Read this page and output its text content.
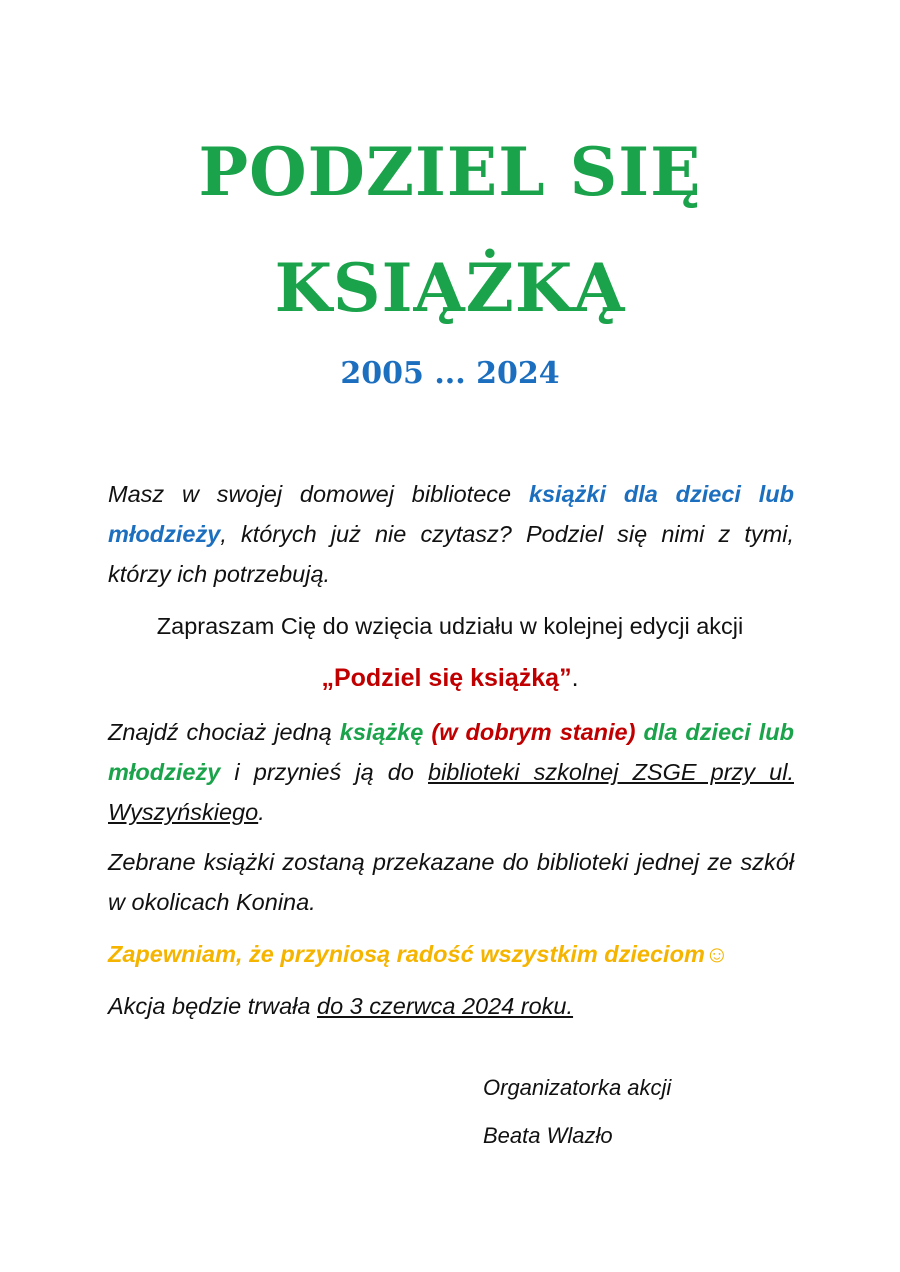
PODZIEL SIĘ
KSIĄŻKĄ
2005 ... 2024
Masz w swojej domowej bibliotece książki dla dzieci lub młodzieży, których już nie czytasz? Podziel się nimi z tymi, którzy ich potrzebują.
Zapraszam Cię do wzięcia udziału w kolejnej edycji akcji
„Podziel się książką”.
Znajdź chociaż jedną książkę (w dobrym stanie) dla dzieci lub młodzieży i przynieś ją do biblioteki szkolnej ZSGE przy ul. Wyszyńskiego.
Zebrane książki zostaną przekazane do biblioteki jednej ze szkół w okolicach Konina.
Zapewniam, że przyniosą radość wszystkim dzieciom☺
Akcja będzie trwała do 3 czerwca 2024 roku.
Organizatorka akcji
Beata Wlazło
